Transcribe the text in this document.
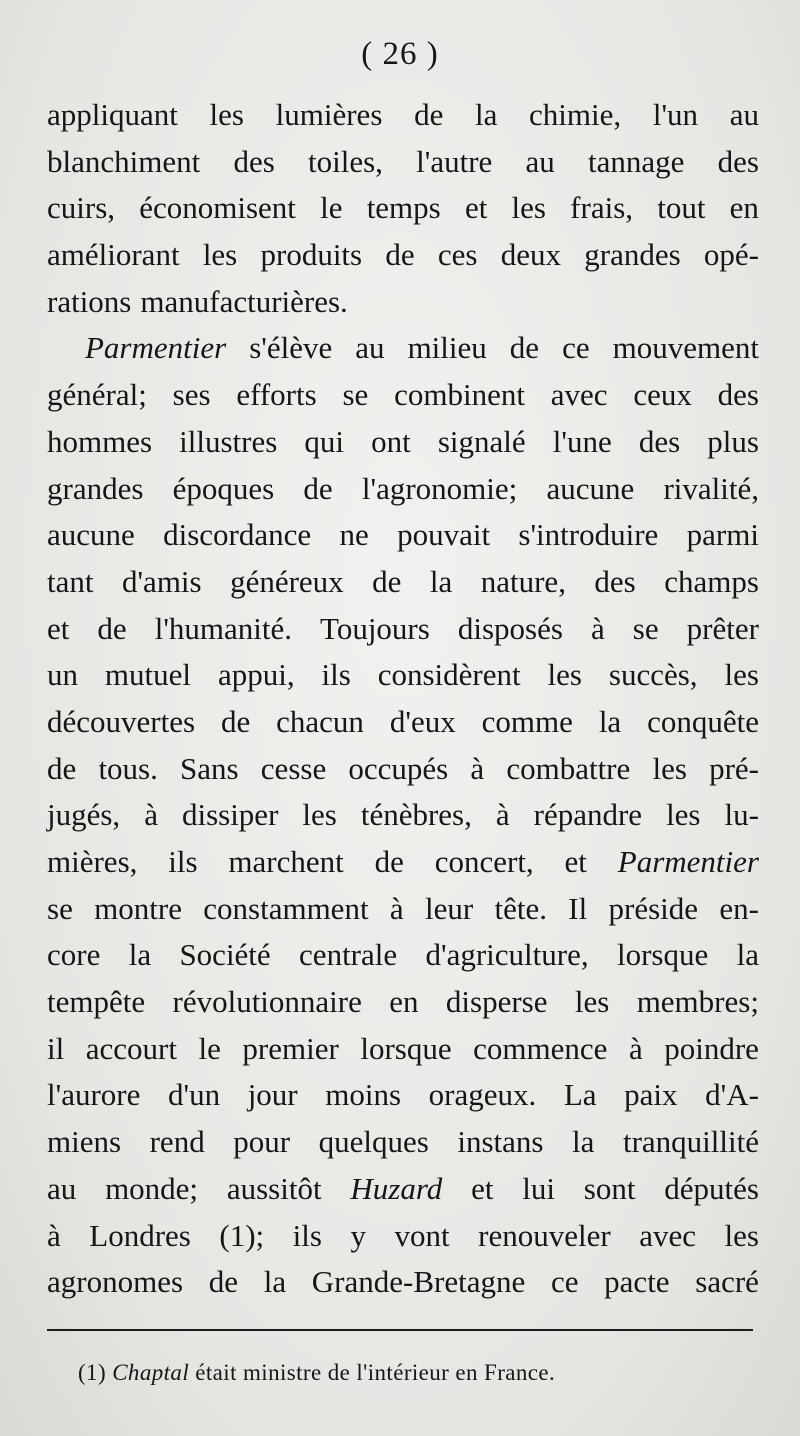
( 26 )
appliquant les lumières de la chimie, l'un au
blanchiment des toiles, l'autre au tannage des
cuirs, économisent le temps et les frais, tout en
améliorant les produits de ces deux grandes opé-
rations manufacturières.
Parmentier s'élève au milieu de ce mouvement
général; ses efforts se combinent avec ceux des
hommes illustres qui ont signalé l'une des plus
grandes époques de l'agronomie; aucune rivalité,
aucune discordance ne pouvait s'introduire parmi
tant d'amis généreux de la nature, des champs
et de l'humanité. Toujours disposés à se prêter
un mutuel appui, ils considèrent les succès, les
découvertes de chacun d'eux comme la conquête
de tous. Sans cesse occupés à combattre les pré-
jugés, à dissiper les ténèbres, à répandre les lu-
mières, ils marchent de concert, et Parmentier
se montre constamment à leur tête. Il préside en-
core la Société centrale d'agriculture, lorsque la
tempête révolutionnaire en disperse les membres;
il accourt le premier lorsque commence à poindre
l'aurore d'un jour moins orageux. La paix d'A-
miens rend pour quelques instans la tranquillité
au monde; aussitôt Huzard et lui sont députés
à Londres (1); ils y vont renouveler avec les
agronomes de la Grande-Bretagne ce pacte sacré
(1) Chaptal était ministre de l'intérieur en France.
